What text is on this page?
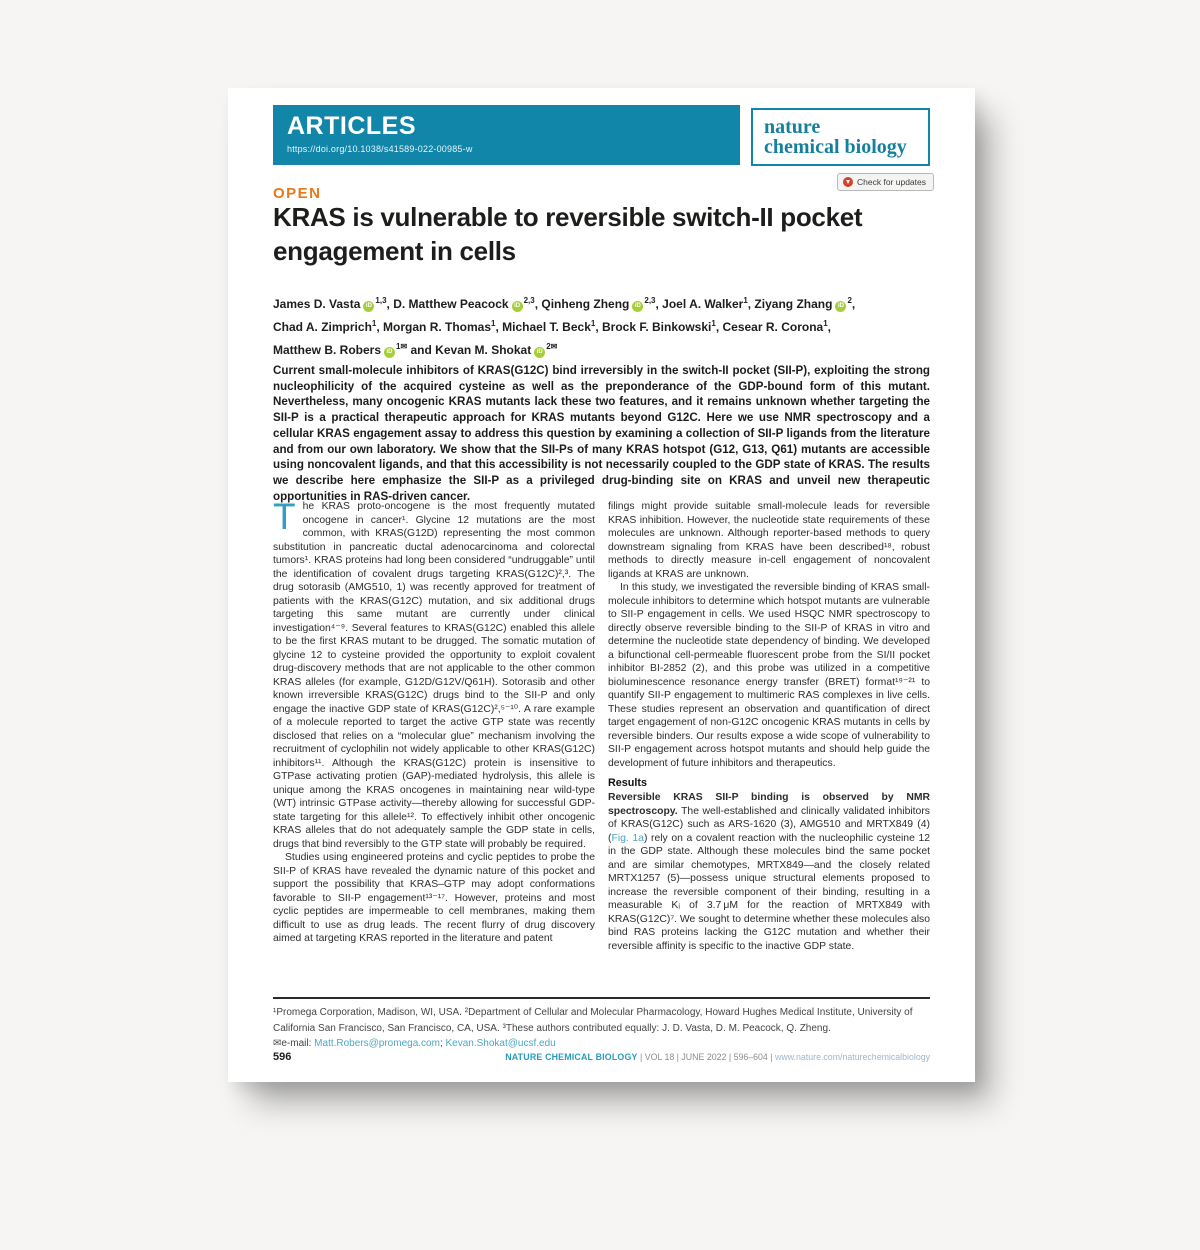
ARTICLES
https://doi.org/10.1038/s41589-022-00985-w
nature
chemical biology
Check for updates
OPEN
KRAS is vulnerable to reversible switch-II pocket engagement in cells
James D. Vasta iD$^{1,3}$, D. Matthew Peacock iD$^{2,3}$, Qinheng Zheng iD$^{2,3}$, Joel A. Walker$^1$, Ziyang Zhang $iD^2$,
Chad A. Zimprich$^1$, Morgan R. Thomas$^1$, Michael T. Beck$^1$, Brock F. Binkowski$^1$, Cesear R. Corona$^1$,
Matthew B. Robers $iD^{1✉}$ and Kevan M. Shokat $iD^{2✉}$

Current small-molecule inhibitors of KRAS(G12C) bind irreversibly in the switch-II pocket (SII-P), exploiting the strong nucleophilicity of the acquired cysteine as well as the preponderance of the GDP-bound form of this mutant. Nevertheless, many oncogenic KRAS mutants lack these two features, and it remains unknown whether targeting the SII-P is a practical therapeutic approach for KRAS mutants beyond G12C. Here we use NMR spectroscopy and a cellular KRAS engagement assay to address this question by examining a collection of SII-P ligands from the literature and from our own laboratory. We show that the SII-Ps of many KRAS hotspot (G12, G13, Q61) mutants are accessible using noncovalent ligands, and that this accessibility is not necessarily coupled to the GDP state of KRAS. The results we describe here emphasize the SII-P as a privileged drug-binding site on KRAS and unveil new therapeutic opportunities in RAS-driven cancer.

The KRAS proto-oncogene is the most frequently mutated oncogene in cancer¹. Glycine 12 mutations are the most common, with KRAS(G12D) representing the most common substitution in pancreatic ductal adenocarcinoma and colorectal tumors¹. KRAS proteins had long been considered “undruggable” until the identification of covalent drugs targeting KRAS(G12C)²,³. The drug sotorasib (AMG510, 1) was recently approved for treatment of patients with the KRAS(G12C) mutation, and six additional drugs targeting this same mutant are currently under clinical investigation⁴⁻⁹. Several features to KRAS(G12C) enabled this allele to be the first KRAS mutant to be drugged. The somatic mutation of glycine 12 to cysteine provided the opportunity to exploit covalent drug-discovery methods that are not applicable to the other common KRAS alleles (for example, G12D/G12V/Q61H). Sotorasib and other known irreversible KRAS(G12C) drugs bind to the SII-P and only engage the inactive GDP state of KRAS(G12C)²,⁵⁻¹⁰. A rare example of a molecule reported to target the active GTP state was recently disclosed that relies on a “molecular glue” mechanism involving the recruitment of cyclophilin not widely applicable to other KRAS(G12C) inhibitors¹¹. Although the KRAS(G12C) protein is insensitive to GTPase activating protien (GAP)-mediated hydrolysis, this allele is unique among the KRAS oncogenes in maintaining near wild-type (WT) intrinsic GTPase activity—thereby allowing for successful GDP-state targeting for this allele¹². To effectively inhibit other oncogenic KRAS alleles that do not adequately sample the GDP state in cells, drugs that bind reversibly to the GTP state will probably be required.

Studies using engineered proteins and cyclic peptides to probe the SII-P of KRAS have revealed the dynamic nature of this pocket and support the possibility that KRAS–GTP may adopt conformations favorable to SII-P engagement¹³⁻¹⁷. However, proteins and most cyclic peptides are impermeable to cell membranes, making them difficult to use as drug leads. The recent flurry of drug discovery aimed at targeting KRAS reported in the literature and patent

filings might provide suitable small-molecule leads for reversible KRAS inhibition. However, the nucleotide state requirements of these molecules are unknown. Although reporter-based methods to query downstream signaling from KRAS have been described¹⁸, robust methods to directly measure in-cell engagement of noncovalent ligands at KRAS are unknown.

In this study, we investigated the reversible binding of KRAS small-molecule inhibitors to determine which hotspot mutants are vulnerable to SII-P engagement in cells. We used HSQC NMR spectroscopy to directly observe reversible binding to the SII-P of KRAS in vitro and determine the nucleotide state dependency of binding. We developed a bifunctional cell-permeable fluorescent probe from the SI/II pocket inhibitor BI-2852 (2), and this probe was utilized in a competitive bioluminescence resonance energy transfer (BRET) format¹⁹⁻²¹ to quantify SII-P engagement to multimeric RAS complexes in live cells. These studies represent an observation and quantification of direct target engagement of non-G12C oncogenic KRAS mutants in cells by reversible binders. Our results expose a wide scope of vulnerability to SII-P engagement across hotspot mutants and should help guide the development of future inhibitors and therapeutics.

Results

Reversible KRAS SII-P binding is observed by NMR spectroscopy. The well-established and clinically validated inhibitors of KRAS(G12C) such as ARS-1620 (3), AMG510 and MRTX849 (4) (Fig. 1a) rely on a covalent reaction with the nucleophilic cysteine 12 in the GDP state. Although these molecules bind the same pocket and are similar chemotypes, MRTX849—and the closely related MRTX1257 (5)—possess unique structural elements proposed to increase the reversible component of their binding, resulting in a measurable Kᵢ of 3.7 μM for the reaction of MRTX849 with KRAS(G12C)⁷. We sought to determine whether these molecules also bind RAS proteins lacking the G12C mutation and whether their reversible affinity is specific to the inactive GDP state.

¹Promega Corporation, Madison, WI, USA. ²Department of Cellular and Molecular Pharmacology, Howard Hughes Medical Institute, University of California San Francisco, San Francisco, CA, USA. ³These authors contributed equally: J. D. Vasta, D. M. Peacock, Q. Zheng.
✉e-mail: Matt.Robers@promega.com; Kevan.Shokat@ucsf.edu
596	NATURE CHEMICAL BIOLOGY | VOL 18 | JUNE 2022 | 596–604 | www.nature.com/naturechemicalbiology
